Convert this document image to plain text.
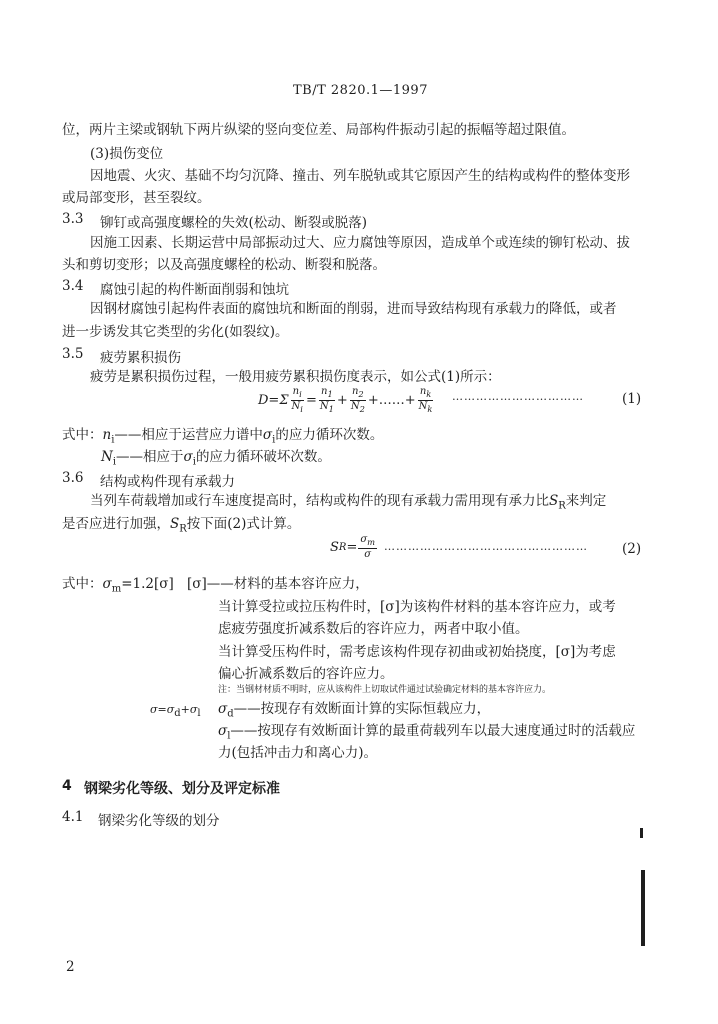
TB/T 2820.1—1997
位，两片主梁或钢轨下两片纵梁的竖向变位差、局部构件振动引起的振幅等超过限值。
(3)损伤变位
因地震、火灾、基础不均匀沉降、撞击、列车脱轨或其它原因产生的结构或构件的整体变形
或局部变形，甚至裂纹。
3.3 铆钉或高强度螺栓的失效(松动、断裂或脱落)
因施工因素、长期运营中局部振动过大、应力腐蚀等原因，造成单个或连续的铆钉松动、拔
头和剪切变形；以及高强度螺栓的松动、断裂和脱落。
3.4 腐蚀引起的构件断面削弱和蚀坑
因钢材腐蚀引起构件表面的腐蚀坑和断面的削弱，进而导致结构现有承载力的降低，或者
进一步诱发其它类型的劣化(如裂纹)。
3.5 疲劳累积损伤
疲劳是累积损伤过程，一般用疲劳累积损伤度表示，如公式(1)所示：
$D=\Sigma \frac{n_i}{N_i} = \frac{n_1}{N_1} + \frac{n_2}{N_2}$ +……+ $\frac{n_k}{N_k}$ ……………………………	(1)
式中：$n_i——$相应于运营应力谱中$\sigma_i$的应力循环次数。
$N_i——$相应于$\sigma_i$的应力循环破坏次数。
3.6 结构或构件现有承载力
当列车荷载增加或行车速度提高时，结构或构件的现有承载力需用现有承力比$S_R$来判定
是否应进行加强，$S_R$按下面(2)式计算。
S $R = \frac{\sigma_m}{\sigma}$ ……………………………………………	(2)
式中：$\sigma_m=1.2[\sigma]$ [σ]——材料的基本容许应力，
当计算受拉或拉压构件时，[σ]为该构件材料的基本容许应力，或考
虑疲劳强度折减系数后的容许应力，两者中取小值。
当计算受压构件时，需考虑该构件现存初曲或初始挠度，[σ]为考虑
偏心折减系数后的容许应力。
注：当钢材材质不明时，应从该构件上切取试件通过试验确定材料的基本容许应力。
$\sigma=\sigma_d+\sigma_l$ $\sigma_d——$按现存有效断面计算的实际恒载应力，
$\sigma_l——$按现存有效断面计算的最重荷载列车以最大速度通过时的活载应
力(包括冲击力和离心力)。
4 钢梁劣化等级、划分及评定标准
4.1 钢梁劣化等级的划分
2
